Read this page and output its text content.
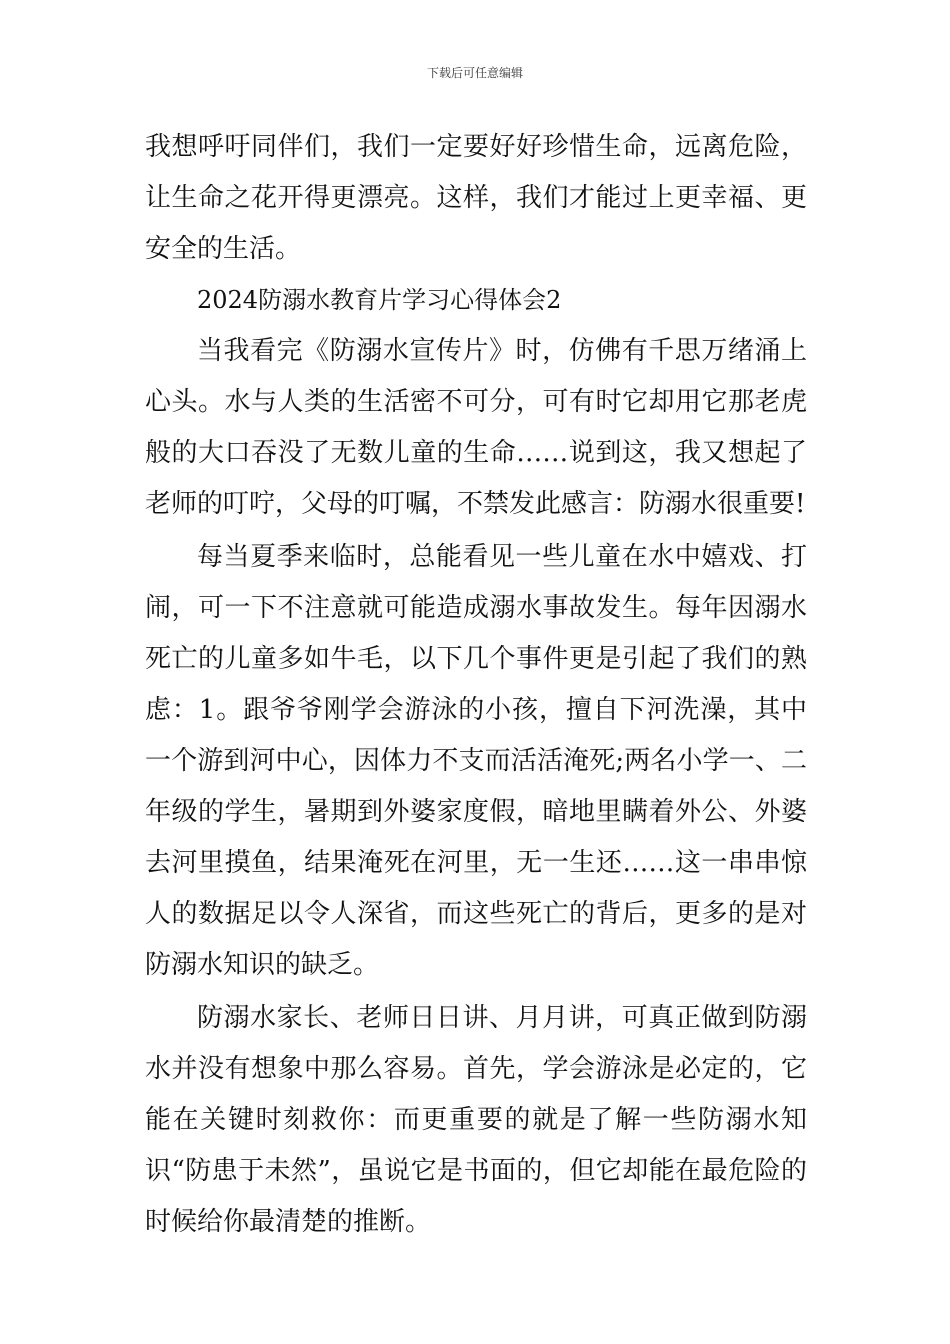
下载后可任意编辑

我想呼吁同伴们，我们一定要好好珍惜生命，远离危险，让生命之花开得更漂亮。这样，我们才能过上更幸福、更安全的生活。

2024防溺水教育片学习心得体会2

当我看完《防溺水宣传片》时，仿佛有千思万绪涌上心头。水与人类的生活密不可分，可有时它却用它那老虎般的大口吞没了无数儿童的生命……说到这，我又想起了老师的叮咛，父母的叮嘱，不禁发此感言：防溺水很重要!

每当夏季来临时，总能看见一些儿童在水中嬉戏、打闹，可一下不注意就可能造成溺水事故发生。每年因溺水死亡的儿童多如牛毛，以下几个事件更是引起了我们的熟虑：1。跟爷爷刚学会游泳的小孩，擅自下河洗澡，其中一个游到河中心，因体力不支而活活淹死;两名小学一、二年级的学生，暑期到外婆家度假，暗地里瞒着外公、外婆去河里摸鱼，结果淹死在河里，无一生还……这一串串惊人的数据足以令人深省，而这些死亡的背后，更多的是对防溺水知识的缺乏。

防溺水家长、老师日日讲、月月讲，可真正做到防溺水并没有想象中那么容易。首先，学会游泳是必定的，它能在关键时刻救你：而更重要的就是了解一些防溺水知识“防患于未然”，虽说它是书面的，但它却能在最危险的时候给你最清楚的推断。
